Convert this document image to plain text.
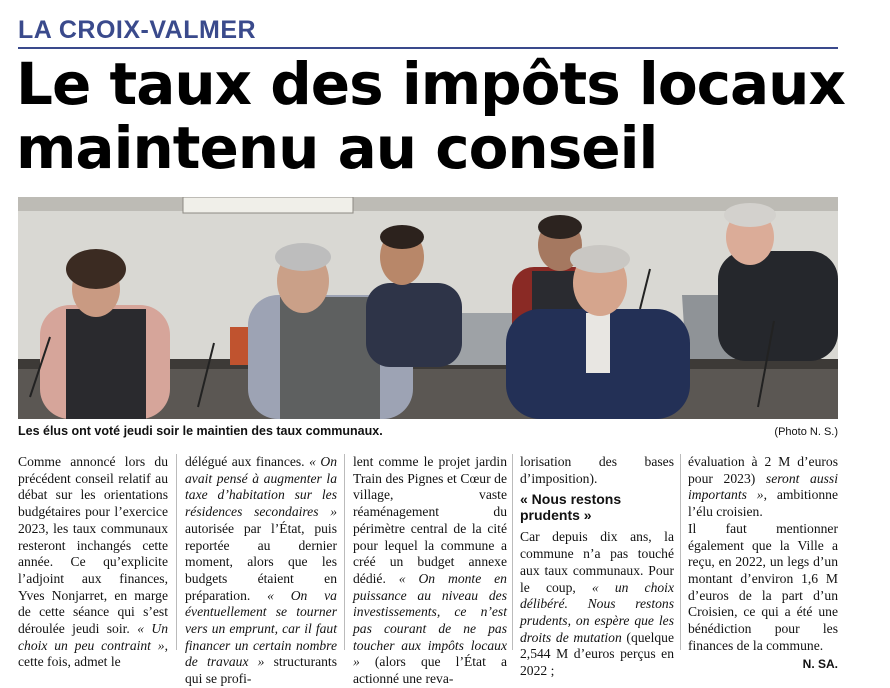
LA CROIX-VALMER
Le taux des impôts locaux
maintenu au conseil
Les élus ont voté jeudi soir le maintien des taux communaux.	(Photo N. S.)

Comme annoncé lors du précédent conseil relatif au débat sur les orientations budgétaires pour l’exercice 2023, les taux communaux resteront inchangés cette année. Ce qu’explicite l’adjoint aux finances, Yves Nonjarret, en marge de cette séance qui s’est déroulée jeudi soir. « Un choix un peu contraint », cette fois, admet le

délégué aux finances. « On avait pensé à augmenter la taxe d’habitation sur les résidences secondaires » autorisée par l’État, puis reportée au dernier moment, alors que les budgets étaient en préparation. « On va éventuellement se tourner vers un emprunt, car il faut financer un certain nombre de travaux » structurants qui se profi-

lent comme le projet jardin Train des Pignes et Cœur de village, vaste réaménagement du périmètre central de la cité pour lequel la commune a créé un budget annexe dédié. « On monte en puissance au niveau des investissements, ce n’est pas courant de ne pas toucher aux impôts locaux » (alors que l’État a actionné une reva-

lorisation des bases d’imposition).

« Nous restons prudents »

Car depuis dix ans, la commune n’a pas touché aux taux communaux. Pour le coup, « un choix délibéré. Nous restons prudents, on espère que les droits de mutation (quelque 2,544 M d’euros perçus en 2022 ;

évaluation à 2 M d’euros pour 2023) seront aussi importants », ambitionne l’élu croisien.

Il faut mentionner également que la Ville a reçu, en 2022, un legs d’un montant d’environ 1,6 M d’euros de la part d’un Croisien, ce qui a été une bénédiction pour les finances de la commune.

N. SA.
